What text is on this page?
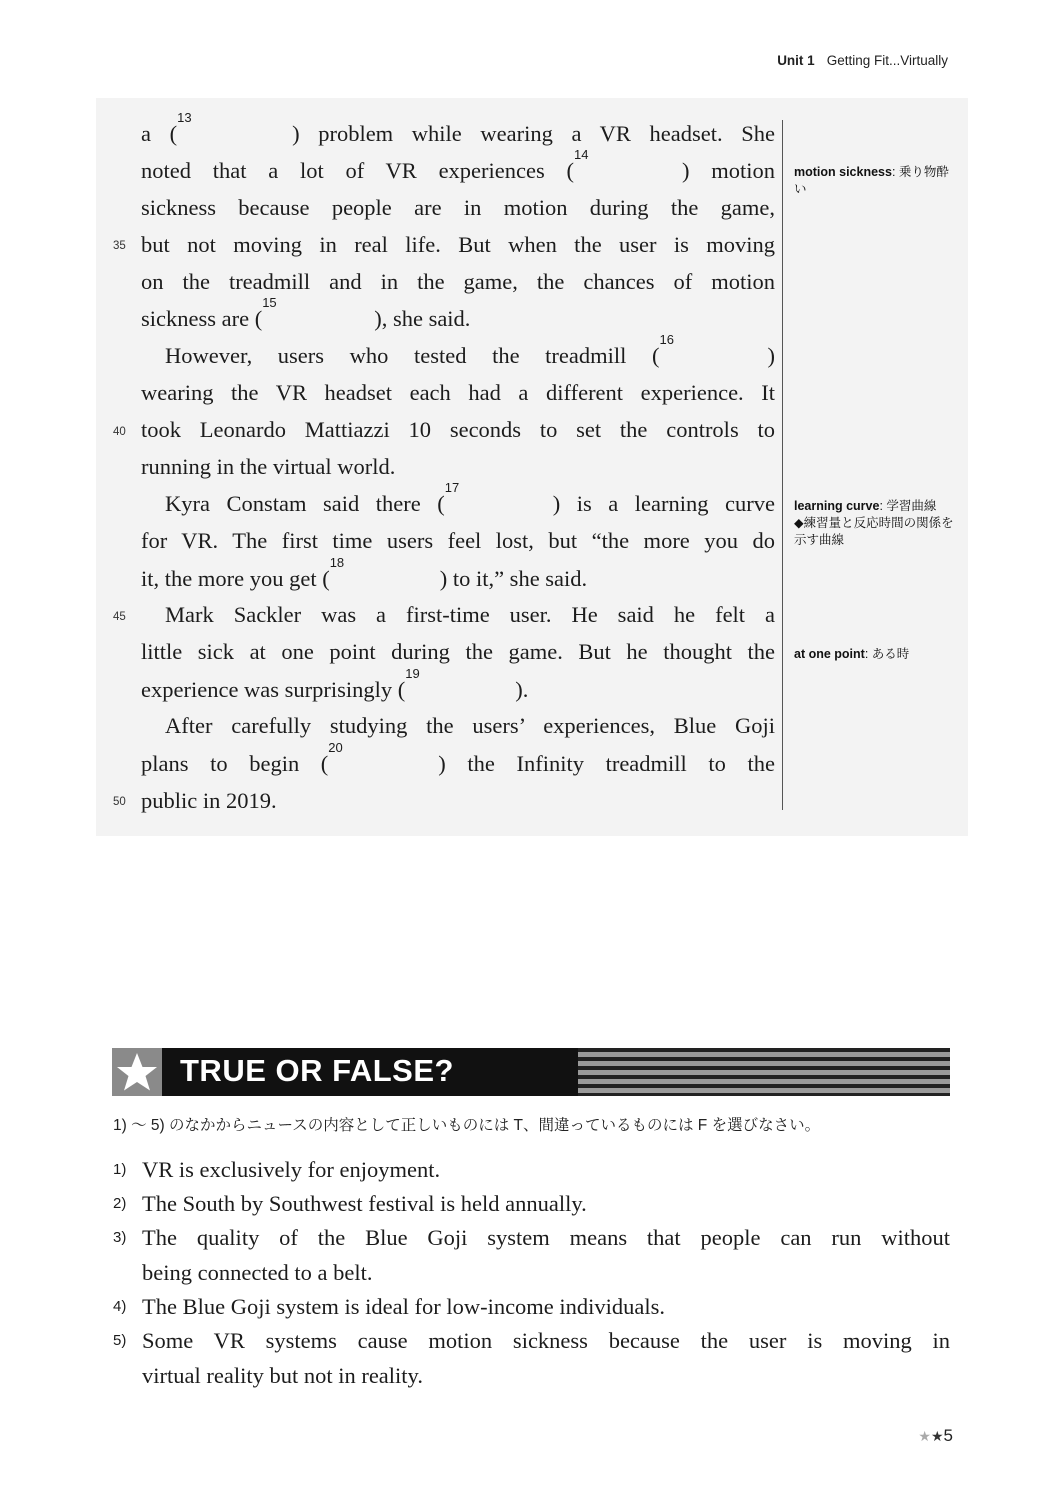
Unit 1 Getting Fit...Virtually
a ($^{13}$) problem while wearing a VR headset. She
noted that a lot of VR experiences ($^{14}$) motion
sickness because people are in motion during the game,
but not moving in real life. But when the user is moving
on the treadmill and in the game, the chances of motion
sickness are ($^{15}$), she said.
However, users who tested the treadmill ($^{16}$)
wearing the VR headset each had a different experience. It
took Leonardo Mattiazzi 10 seconds to set the controls to
running in the virtual world.
Kyra Constam said there ($^{17}$) is a learning curve
for VR. The first time users feel lost, but “the more you do
it, the more you get ($^{18}$) to it,” she said.
Mark Sackler was a first-time user. He said he felt a
little sick at one point during the game. But he thought the
experience was surprisingly ($^{19}$).
After carefully studying the users’ experiences, Blue Goji
plans to begin ($^{20}$) the Infinity treadmill to the
public in 2019.
35
40
45
50
motion sickness: 乗り物酔い
learning curve: 学習曲線
◆練習量と反応時間の関係を示す曲線
at one point: ある時
TRUE OR FALSE?
1) ～ 5) のなかからニュースの内容として正しいものには T、間違っているものには F を選びなさい。
1) VR is exclusively for enjoyment.
2) The South by Southwest festival is held annually.
3) The quality of the Blue Goji system means that people can run without
being connected to a belt.
4) The Blue Goji system is ideal for low-income individuals.
5) Some VR systems cause motion sickness because the user is moving in
virtual reality but not in reality.
★★5
